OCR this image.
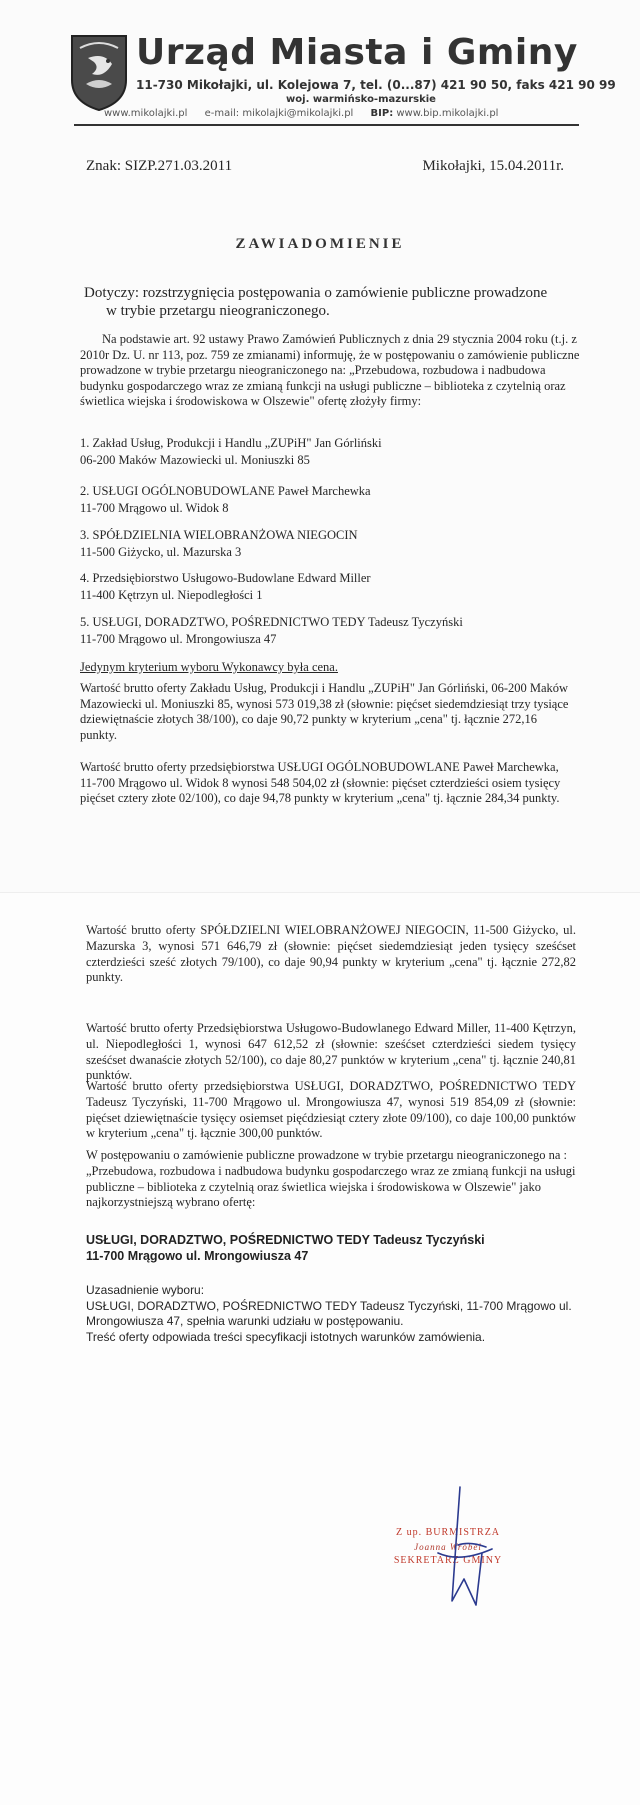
Urząd Miasta i Gminy
11-730 Mikołajki, ul. Kolejowa 7, tel. (0...87) 421 90 50, faks 421 90 99
woj. warmińsko-mazurskie
www.mikolajki.pl e-mail: mikolajki@mikolajki.pl BIP: www.bip.mikolajki.pl
Znak: SIZP.271.03.2011	Mikołajki, 15.04.2011r.
ZAWIADOMIENIE
Dotyczy: rozstrzygnięcia postępowania o zamówienie publiczne prowadzone
w trybie przetargu nieograniczonego.
Na podstawie art. 92 ustawy Prawo Zamówień Publicznych z dnia 29 stycznia 2004 roku (t.j. z 2010r Dz. U. nr 113, poz. 759 ze zmianami) informuję, że w postępowaniu o zamówienie publiczne prowadzone w trybie przetargu nieograniczonego na: „Przebudowa, rozbudowa i nadbudowa budynku gospodarczego wraz ze zmianą funkcji na usługi publiczne – biblioteka z czytelnią oraz świetlica wiejska i środowiskowa w Olszewie" ofertę złożyły firmy:
1. Zakład Usług, Produkcji i Handlu „ZUPiH" Jan Górliński
06-200 Maków Mazowiecki ul. Moniuszki 85
2. USŁUGI OGÓLNOBUDOWLANE Paweł Marchewka
11-700 Mrągowo ul. Widok 8
3. SPÓŁDZIELNIA WIELOBRANŻOWA NIEGOCIN
11-500 Giżycko, ul. Mazurska 3
4. Przedsiębiorstwo Usługowo-Budowlane Edward Miller
11-400 Kętrzyn ul. Niepodległości 1
5. USŁUGI, DORADZTWO, POŚREDNICTWO TEDY Tadeusz Tyczyński
11-700 Mrągowo ul. Mrongowiusza 47
Jedynym kryterium wyboru Wykonawcy była cena.
Wartość brutto oferty Zakładu Usług, Produkcji i Handlu „ZUPiH" Jan Górliński, 06-200 Maków Mazowiecki ul. Moniuszki 85, wynosi 573 019,38 zł (słownie: pięćset siedemdziesiąt trzy tysiące dziewiętnaście złotych 38/100), co daje 90,72 punkty w kryterium „cena" tj. łącznie 272,16 punkty.
Wartość brutto oferty przedsiębiorstwa USŁUGI OGÓLNOBUDOWLANE Paweł Marchewka, 11-700 Mrągowo ul. Widok 8 wynosi 548 504,02 zł (słownie: pięćset czterdzieści osiem tysięcy pięćset cztery złote 02/100), co daje 94,78 punkty w kryterium „cena" tj. łącznie 284,34 punkty.
Wartość brutto oferty SPÓŁDZIELNI WIELOBRANŻOWEJ NIEGOCIN, 11-500 Giżycko, ul. Mazurska 3, wynosi 571 646,79 zł (słownie: pięćset siedemdziesiąt jeden tysięcy sześćset czterdzieści sześć złotych 79/100), co daje 90,94 punkty w kryterium „cena" tj. łącznie 272,82 punkty.
Wartość brutto oferty Przedsiębiorstwa Usługowo-Budowlanego Edward Miller, 11-400 Kętrzyn, ul. Niepodległości 1, wynosi 647 612,52 zł (słownie: sześćset czterdzieści siedem tysięcy sześćset dwanaście złotych 52/100), co daje 80,27 punktów w kryterium „cena" tj. łącznie 240,81 punktów.
Wartość brutto oferty przedsiębiorstwa USŁUGI, DORADZTWO, POŚREDNICTWO TEDY Tadeusz Tyczyński, 11-700 Mrągowo ul. Mrongowiusza 47, wynosi 519 854,09 zł (słownie: pięćset dziewiętnaście tysięcy osiemset pięćdziesiąt cztery złote 09/100), co daje 100,00 punktów w kryterium „cena" tj. łącznie 300,00 punktów.
W postępowaniu o zamówienie publiczne prowadzone w trybie przetargu nieograniczonego na : „Przebudowa, rozbudowa i nadbudowa budynku gospodarczego wraz ze zmianą funkcji na usługi publiczne – biblioteka z czytelnią oraz świetlica wiejska i środowiskowa w Olszewie" jako najkorzystniejszą wybrano ofertę:
USŁUGI, DORADZTWO, POŚREDNICTWO TEDY Tadeusz Tyczyński
11-700 Mrągowo ul. Mrongowiusza 47
Uzasadnienie wyboru:
USŁUGI, DORADZTWO, POŚREDNICTWO TEDY Tadeusz Tyczyński, 11-700 Mrągowo ul. Mrongowiusza 47, spełnia warunki udziału w postępowaniu.
Treść oferty odpowiada treści specyfikacji istotnych warunków zamówienia.
Z up. BURMISTRZA
Joanna Wróbel
SEKRETARZ GMINY
